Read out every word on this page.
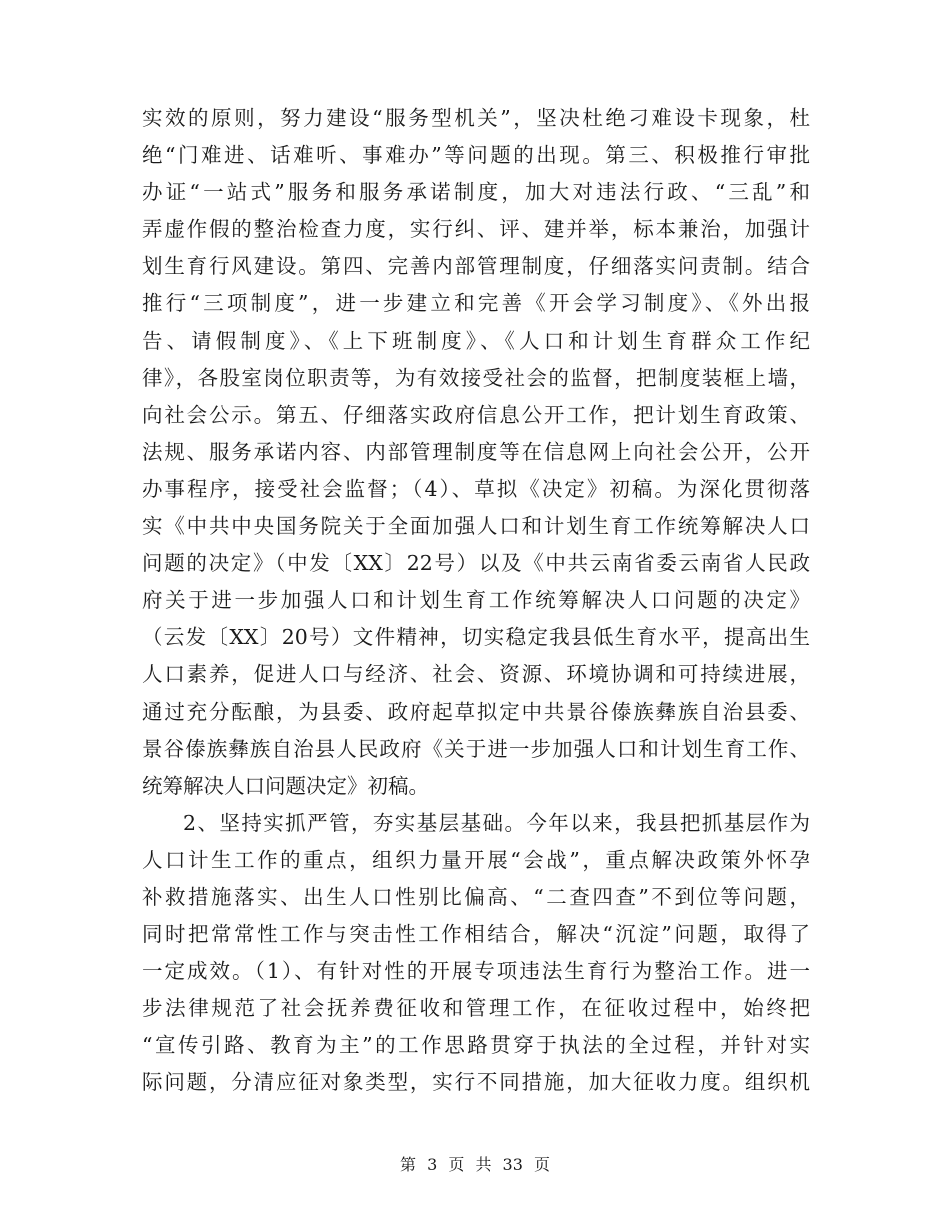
实效的原则，努力建设“服务型机关”，坚决杜绝刁难设卡现象，杜
绝“门难进、话难听、事难办”等问题的出现。第三、积极推行审批
办证“一站式”服务和服务承诺制度，加大对违法行政、“三乱”和
弄虚作假的整治检查力度，实行纠、评、建并举，标本兼治，加强计
划生育行风建设。第四、完善内部管理制度，仔细落实问责制。结合
推行“三项制度”，进一步建立和完善《开会学习制度》、《外出报
告、请假制度》、《上下班制度》、《人口和计划生育群众工作纪
律》，各股室岗位职责等，为有效接受社会的监督，把制度装框上墙，
向社会公示。第五、仔细落实政府信息公开工作，把计划生育政策、
法规、服务承诺内容、内部管理制度等在信息网上向社会公开，公开
办事程序，接受社会监督；（4）、草拟《决定》初稿。为深化贯彻落
实《中共中央国务院关于全面加强人口和计划生育工作统筹解决人口
问题的决定》（中发〔XX〕22号）以及《中共云南省委云南省人民政
府关于进一步加强人口和计划生育工作统筹解决人口问题的决定》
（云发〔XX〕20号）文件精神，切实稳定我县低生育水平，提高出生
人口素养，促进人口与经济、社会、资源、环境协调和可持续进展，
通过充分酝酿，为县委、政府起草拟定中共景谷傣族彝族自治县委、
景谷傣族彝族自治县人民政府《关于进一步加强人口和计划生育工作、
统筹解决人口问题决定》初稿。
2、坚持实抓严管，夯实基层基础。今年以来，我县把抓基层作为
人口计生工作的重点，组织力量开展“会战”，重点解决政策外怀孕
补救措施落实、出生人口性别比偏高、“二查四查”不到位等问题，
同时把常常性工作与突击性工作相结合，解决“沉淀”问题，取得了
一定成效。（1）、有针对性的开展专项违法生育行为整治工作。进一
步法律规范了社会抚养费征收和管理工作，在征收过程中，始终把
“宣传引路、教育为主”的工作思路贯穿于执法的全过程，并针对实
际问题，分清应征对象类型，实行不同措施，加大征收力度。组织机
第 3 页 共 33 页
